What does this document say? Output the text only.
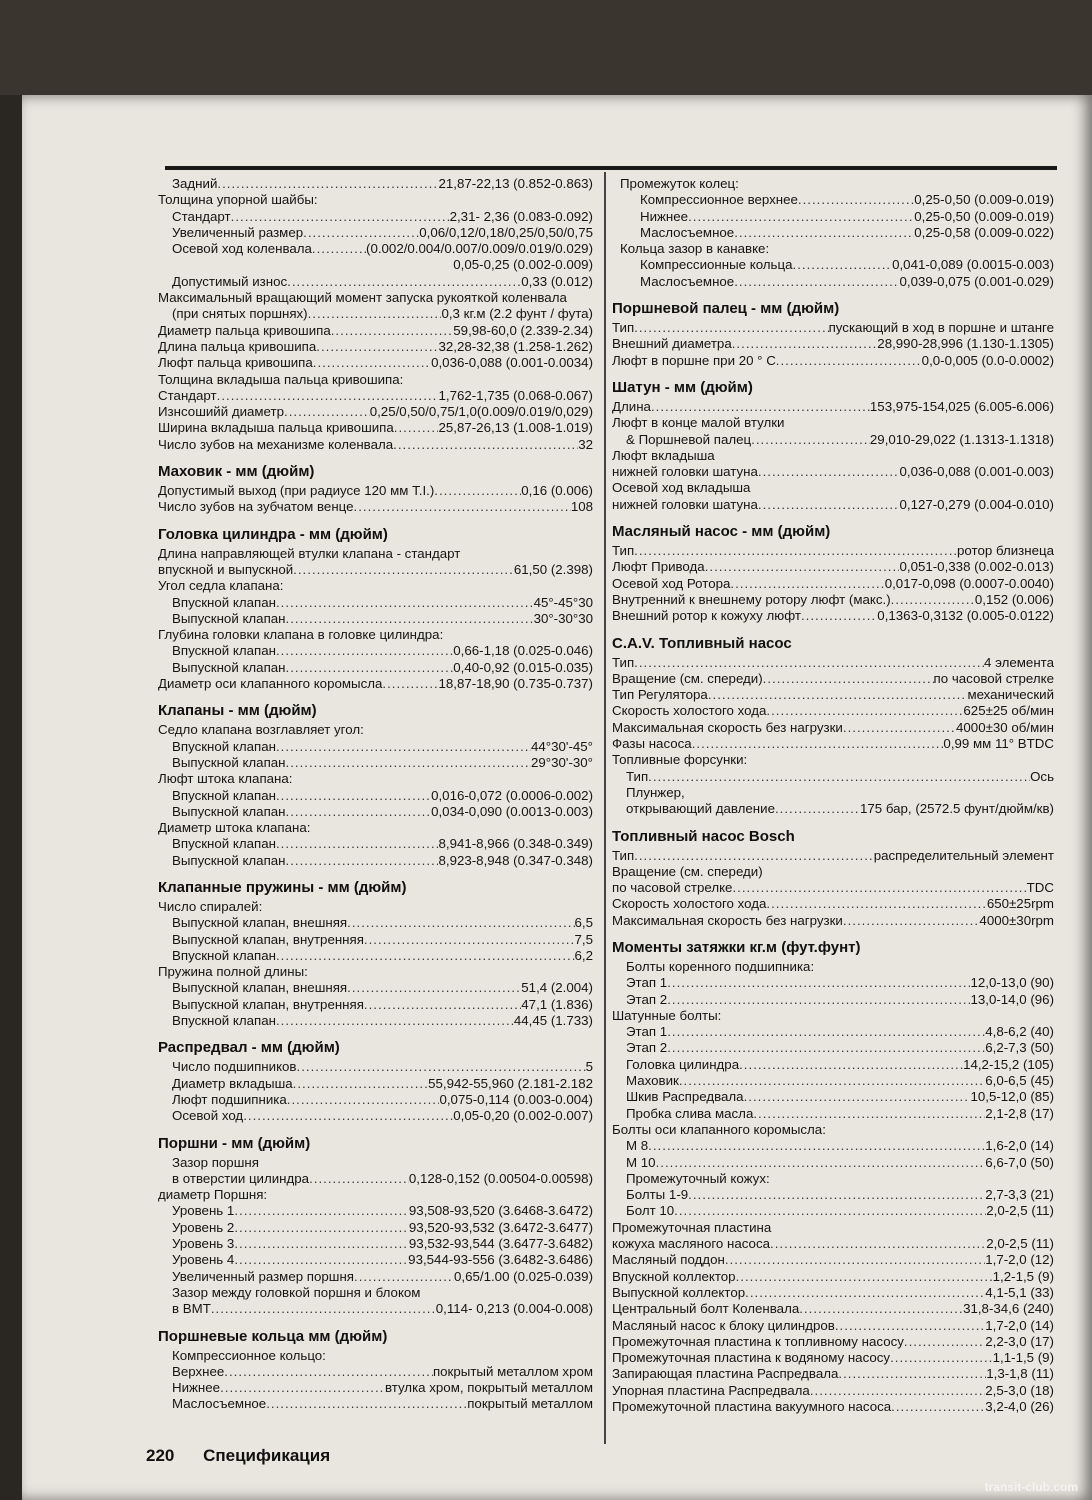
Задний .....	21,87-22,13 (0.852-0.863)
Толщина упорной шайбы:
Стандарт .....	2,31- 2,36 (0.083-0.092)
Увеличенный размер .....	0,06/0,12/0,18/0,25/0,50/0,75
Осевой ход коленвала .....	(0.002/0.004/0.007/0.009/0.019/0.029)
0,05-0,25 (0.002-0.009)
Допустимый износ .....	0,33 (0.012)
Максимальный вращающий момент запуска рукояткой коленвала
(при снятых поршнях) .....	0,3 кг.м (2.2 фунт / фута)
Диаметр пальца кривошипа .....	59,98-60,0 (2.339-2.34)
Длина пальца кривошипа .....	32,28-32,38 (1.258-1.262)
Люфт пальца кривошипа .....	0,036-0,088 (0.001-0.0034)
Толщина вкладыша пальца кривошипа:
Стандарт .....	1,762-1,735 (0.068-0.067)
Изнсошийй диаметр .....	0,25/0,50/0,75/1,0(0.009/0.019/0,029)
Ширина вкладыша пальца кривошипа .....	25,87-26,13 (1.008-1.019)
Число зубов на механизме коленвала .....	32
Маховик - мм (дюйм)
Допустимый выход (при радиусе 120 мм T.I.) .....	0,16 (0.006)
Число зубов на зубчатом венце .....	108
Головка цилиндра - мм (дюйм)
Длина направляющей втулки клапана - стандарт
впускной и выпускной .....	61,50 (2.398)
Угол седла клапана:
Впускной клапан .....	45°-45°30
Выпускной клапан .....	30°-30°30
Глубина головки клапана в головке цилиндра:
Впускной клапан .....	0,66-1,18 (0.025-0.046)
Выпускной клапан .....	0,40-0,92 (0.015-0.035)
Диаметр оси клапанного коромысла .....	18,87-18,90 (0.735-0.737)
Клапаны - мм (дюйм)
Седло клапана возглавляет угол:
Впускной клапан .....	44°30'-45°
Выпускной клапан .....	29°30'-30°
Люфт штока клапана:
Впускной клапан .....	0,016-0,072 (0.0006-0.002)
Выпускной клапан .....	0,034-0,090 (0.0013-0.003)
Диаметр штока клапана:
Впускной клапан .....	8,941-8,966 (0.348-0.349)
Выпускной клапан .....	8,923-8,948 (0.347-0.348)
Клапанные пружины - мм (дюйм)
Число спиралей:
Выпускной клапан, внешняя .....	6,5
Выпускной клапан, внутренняя .....	7,5
Впускной клапан .....	6,2
Пружина полной длины:
Выпускной клапан, внешняя .....	51,4 (2.004)
Выпускной клапан, внутренняя .....	47,1 (1.836)
Впускной клапан .....	44,45 (1.733)
Распредвал - мм (дюйм)
Число подшипников .....	5
Диаметр вкладыша .....	55,942-55,960 (2.181-2.182
Люфт подшипника .....	0,075-0,114 (0.003-0.004)
Осевой ход .....	0,05-0,20 (0.002-0.007)
Поршни - мм (дюйм)
Зазор поршня
в отверстии цилиндра .....	0,128-0,152 (0.00504-0.00598)
диаметр Поршня:
Уровень 1 .....	93,508-93,520 (3.6468-3.6472)
Уровень 2 .....	93,520-93,532 (3.6472-3.6477)
Уровень 3 .....	93,532-93,544 (3.6477-3.6482)
Уровень 4 .....	93,544-93-556 (3.6482-3.6486)
Увеличенный размер поршня .....	0,65/1.00 (0.025-0.039)
Зазор между головкой поршня и блоком
в ВМТ .....	0,114- 0,213 (0.004-0.008)
Поршневые кольца мм (дюйм)
Компрессионное кольцо:
Верхнее .....	покрытый металлом хром
Нижнее .....	втулка хром, покрытый металлом
Маслосъемное .....	покрытый металлом
Промежуток колец:
Компрессионное верхнее .....	0,25-0,50 (0.009-0.019)
Нижнее .....	0,25-0,50 (0.009-0.019)
Маслосъемное .....	0,25-0,58 (0.009-0.022)
Кольца зазор в канавке:
Компрессионные кольца .....	0,041-0,089 (0.0015-0.003)
Маслосъемное .....	0,039-0,075 (0.001-0.029)
Поршневой палец - мм (дюйм)
Тип .....	пускающий в ход в поршне и штанге
Внешний диаметра .....	28,990-28,996 (1.130-1.1305)
Люфт в поршне при 20 ° С .....	0,0-0,005 (0.0-0.0002)
Шатун - мм (дюйм)
Длина .....	153,975-154,025 (6.005-6.006)
Люфт в конце малой втулки
& Поршневой палец .....	29,010-29,022 (1.1313-1.1318)
Люфт вкладыша
нижней головки шатуна .....	0,036-0,088 (0.001-0.003)
Осевой ход вкладыша
нижней головки шатуна .....	0,127-0,279 (0.004-0.010)
Масляный насос - мм (дюйм)
Тип .....	ротор близнеца
Люфт Привода .....	0,051-0,338 (0.002-0.013)
Осевой ход Ротора .....	0,017-0,098 (0.0007-0.0040)
Внутренний к внешнему ротору люфт (макс.) .....	0,152 (0.006)
Внешний ротор к кожуху люфт .....	0,1363-0,3132 (0.005-0.0122)
C.A.V. Топливный насос
Тип .....	4 элемента
Вращение (см. спереди) .....	по часовой стрелке
Тип Регулятора .....	механический
Скорость холостого хода .....	625±25 об/мин
Максимальная скорость без нагрузки .....	4000±30 об/мин
Фазы насоса .....	0,99 мм 11° BTDC
Топливные форсунки:
Тип .....	Ось
Плунжер,
открывающий давление .....	175 бар, (2572.5 фунт/дюйм/кв)
Топливный насос Bosch
Тип .....	распределительный элемент
Вращение (см. спереди)
по часовой стрелке .....	TDC
Скорость холостого хода .....	650±25rpm
Максимальная скорость без нагрузки .....	4000±30rpm
Моменты затяжки кг.м (фут.фунт)
Болты коренного подшипника:
Этап 1 .....	12,0-13,0 (90)
Этап 2 .....	13,0-14,0 (96)
Шатунные болты:
Этап 1 .....	4,8-6,2 (40)
Этап 2 .....	6,2-7,3 (50)
Головка цилиндра .....	14,2-15,2 (105)
Маховик .....	6,0-6,5 (45)
Шкив Распредвала .....	10,5-12,0 (85)
Пробка слива масла .....	2,1-2,8 (17)
Болты оси клапанного коромысла:
М 8 .....	1,6-2,0 (14)
М 10 .....	6,6-7,0 (50)
Промежуточный кожух:
Болты 1-9 .....	2,7-3,3 (21)
Болт 10 .....	2,0-2,5 (11)
Промежуточная пластина
кожуха масляного насоса .....	2,0-2,5 (11)
Масляный поддон .....	1,7-2,0 (12)
Впускной коллектор .....	1,2-1,5 (9)
Выпускной коллектор .....	4,1-5,1 (33)
Центральный болт Коленвала .....	31,8-34,6 (240)
Масляный насос к блоку цилиндров .....	1,7-2,0 (14)
Промежуточная пластина к топливному насосу .....	2,2-3,0 (17)
Промежуточная пластина к водяному насосу .....	1,1-1,5 (9)
Запирающая пластина Распредвала .....	1,3-1,8 (11)
Упорная пластина Распредвала .....	2,5-3,0 (18)
Промежуточной пластина вакуумного насоса .....	3,2-4,0 (26)
220 Спецификация
transit-club.com
